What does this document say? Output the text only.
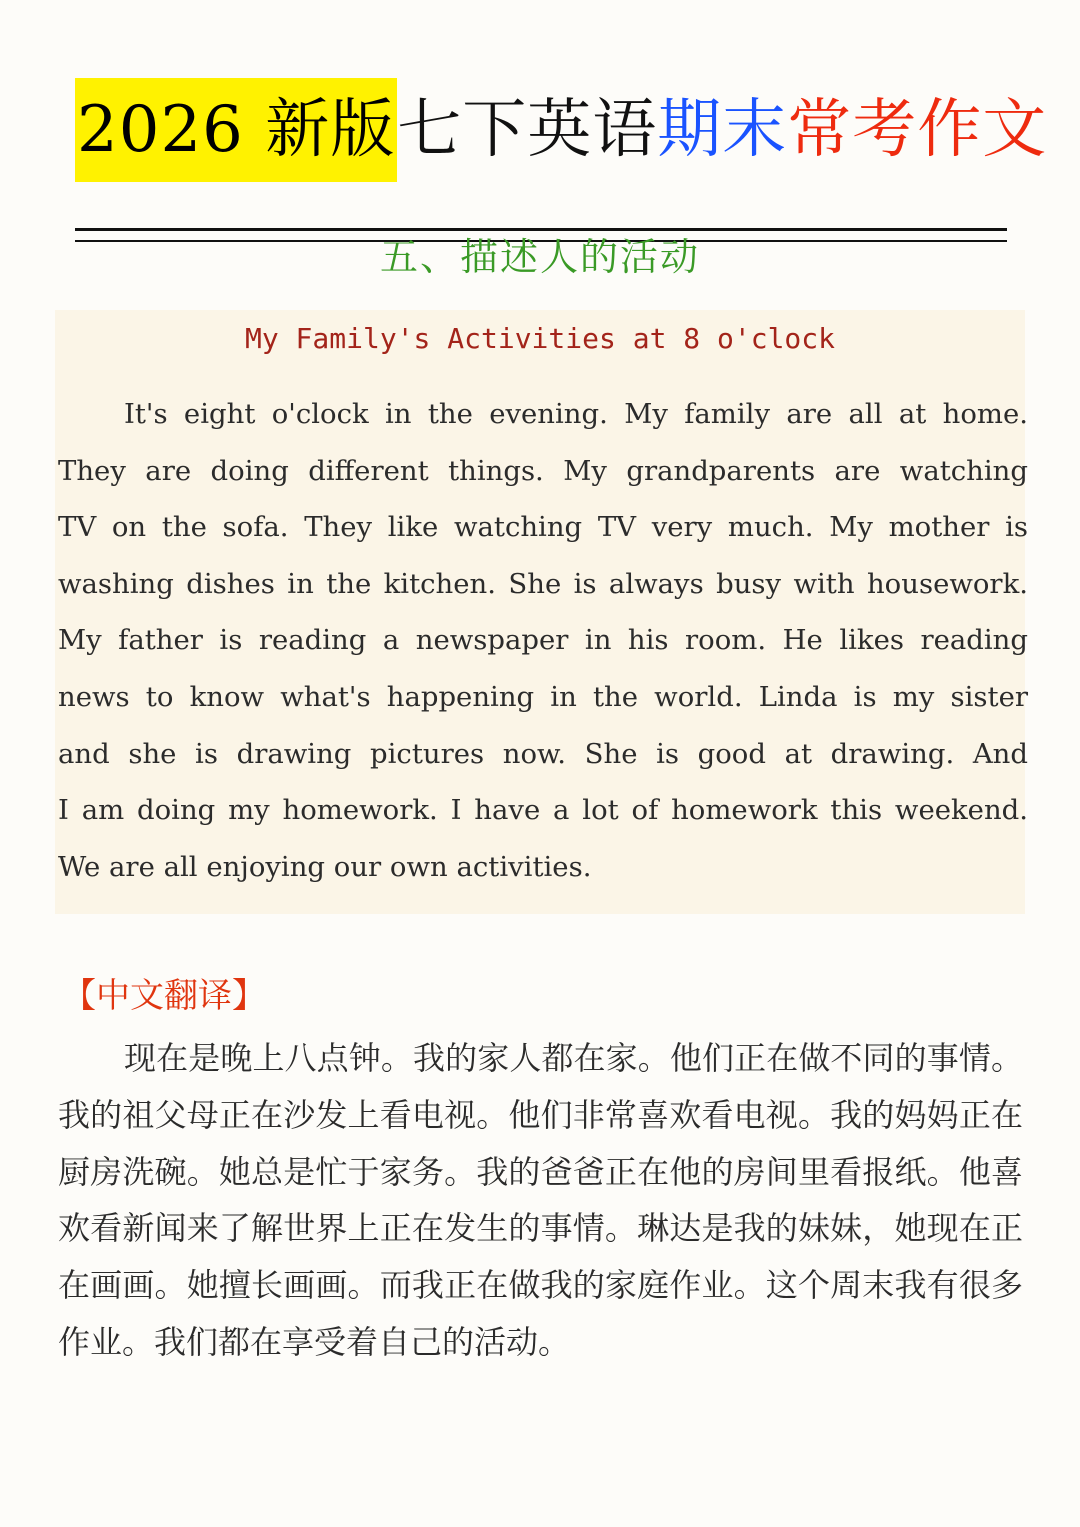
2026 新版 七下英语 期末 常考作文
五、描述人的活动
My Family's Activities at 8 o'clock
It's eight o'clock in the evening. My family are all at home.
They are doing different things. My grandparents are watching
TV on the sofa. They like watching TV very much. My mother is
washing dishes in the kitchen. She is always busy with housework.
My father is reading a newspaper in his room. He likes reading
news to know what's happening in the world. Linda is my sister
and she is drawing pictures now. She is good at drawing. And
I am doing my homework. I have a lot of homework this weekend.
We are all enjoying our own activities.
【中文翻译】
现在是晚上八点钟。我的家人都在家。他们正在做不同的事情。
我的祖父母正在沙发上看电视。他们非常喜欢看电视。我的妈妈正在
厨房洗碗。她总是忙于家务。我的爸爸正在他的房间里看报纸。他喜
欢看新闻来了解世界上正在发生的事情。琳达是我的妹妹，她现在正
在画画。她擅长画画。而我正在做我的家庭作业。这个周末我有很多
作业。我们都在享受着自己的活动。
